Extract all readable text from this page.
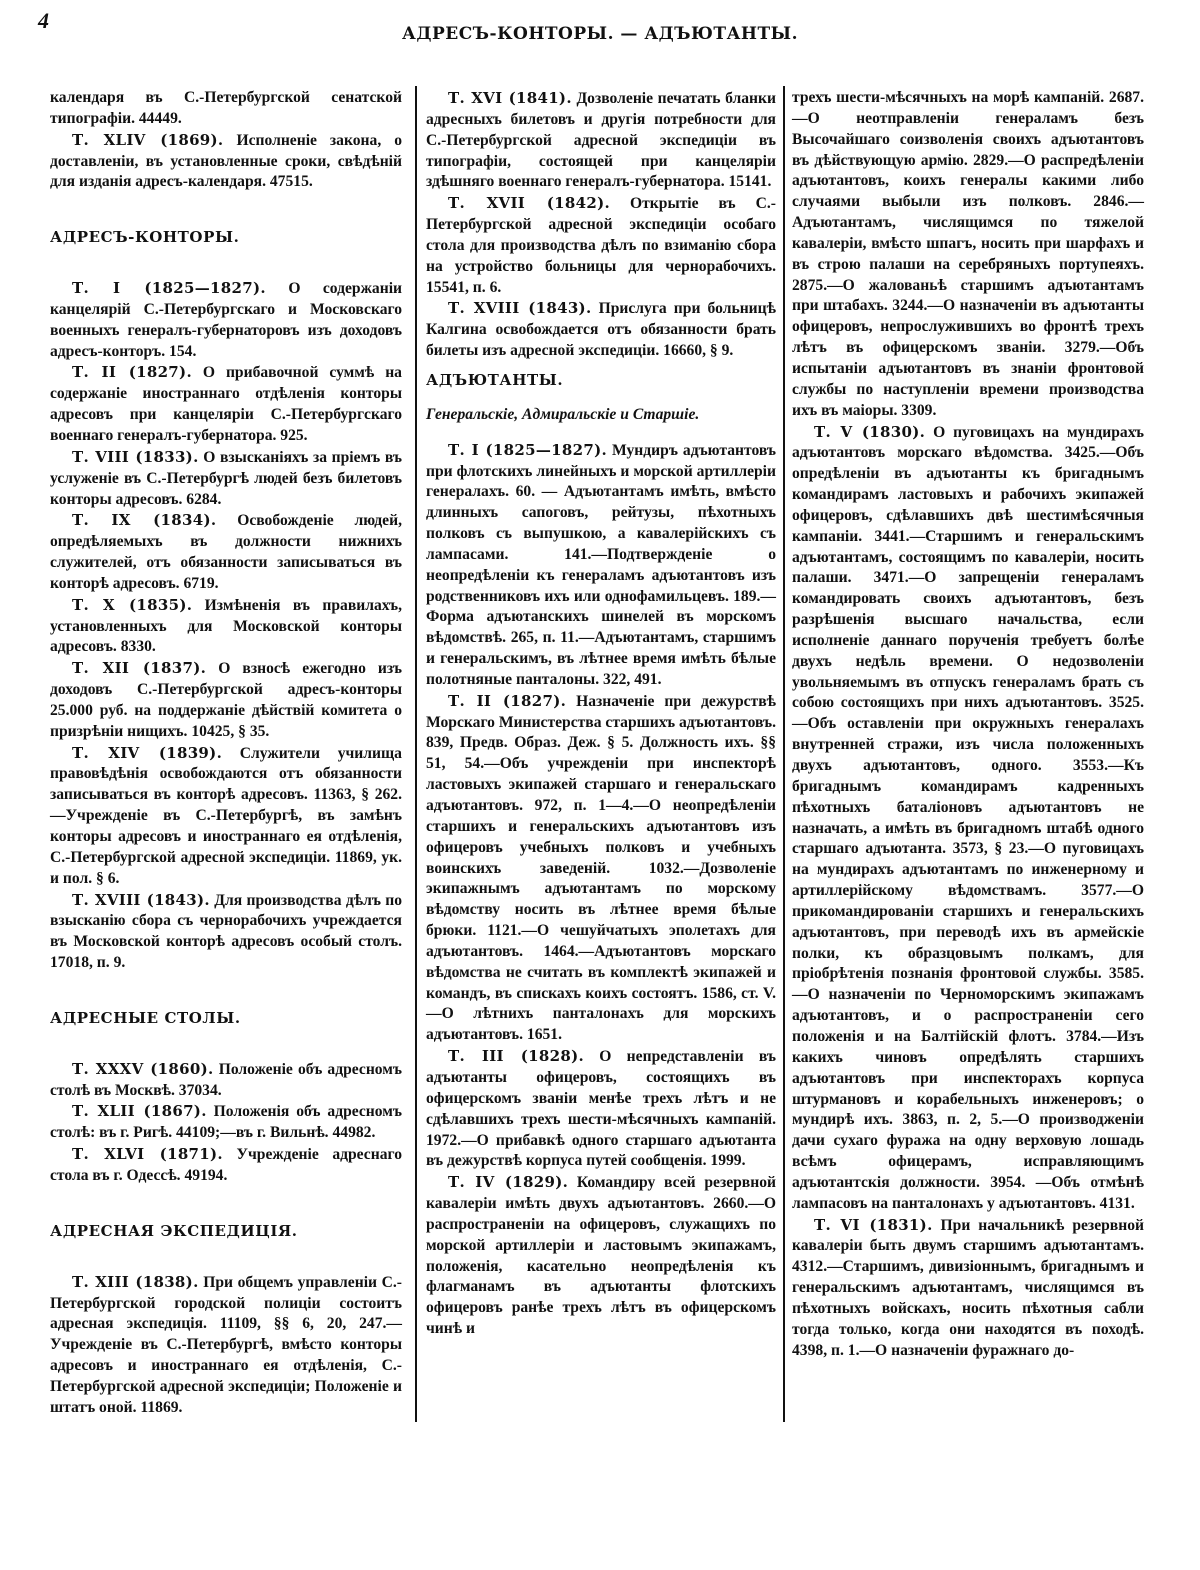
4
АДРЕСЪ-КОНТОРЫ. — АДЪЮТАНТЫ.
календаря въ С.-Петербургской сенатской типографіи. 44449.
Т. XLIV (1869). Исполненіе закона, о доставленіи, въ установленные сроки, свѣдѣній для изданія адресъ-календаря. 47515.
АДРЕСЪ-КОНТОРЫ.
Т. I (1825—1827). О содержаніи канцелярій С.-Петербургскаго и Московскаго военныхъ генералъ-губернаторовъ изъ доходовъ адресъ-конторъ. 154.
Т. II (1827). О прибавочной суммѣ на содержаніе иностраннаго отдѣленія конторы адресовъ при канцеляріи С.-Петербургскаго военнаго генералъ-губернатора. 925.
Т. VIII (1833). О взысканіяхъ за пріемъ въ услуженіе въ С.-Петербургѣ людей безъ билетовъ конторы адресовъ. 6284.
Т. IX (1834). Освобожденіе людей, опредѣляемыхъ въ должности нижнихъ служителей, отъ обязанности записываться въ конторѣ адресовъ. 6719.
Т. X (1835). Измѣненія въ правилахъ, установленныхъ для Московской конторы адресовъ. 8330.
Т. XII (1837). О взносѣ ежегодно изъ доходовъ С.-Петербургской адресъ-конторы 25.000 руб. на поддержаніе дѣйствій комитета о призрѣніи нищихъ. 10425, § 35.
Т. XIV (1839). Служители училища правовѣдѣнія освобождаются отъ обязанности записываться въ конторѣ адресовъ. 11363, § 262.—Учрежденіе въ С.-Петербургѣ, въ замѣнъ конторы адресовъ и иностраннаго ея отдѣленія, С.-Петербургской адресной экспедиціи. 11869, ук. и пол. § 6.
Т. XVIII (1843). Для производства дѣлъ по взысканію сбора съ чернорабочихъ учреждается въ Московской конторѣ адресовъ особый столъ. 17018, п. 9.
АДРЕСНЫЕ СТОЛЫ.
Т. XXXV (1860). Положеніе объ адресномъ столѣ въ Москвѣ. 37034.
Т. XLII (1867). Положенія объ адресномъ столѣ: въ г. Ригѣ. 44109;—въ г. Вильнѣ. 44982.
Т. XLVI (1871). Учрежденіе адреснаго стола въ г. Одессѣ. 49194.
АДРЕСНАЯ ЭКСПЕДИЦІЯ.
Т. XIII (1838). При общемъ управленіи С.-Петербургской городской полиціи состоитъ адресная экспедиція. 11109, §§ 6, 20, 247.—Учрежденіе въ С.-Петербургѣ, вмѣсто конторы адресовъ и иностраннаго ея отдѣленія, С.-Петербургской адресной экспедиціи; Положеніе и штатъ оной. 11869.
Т. XVI (1841). Дозволеніе печатать бланки адресныхъ билетовъ и другія потребности для С.-Петербургской адресной экспедиціи въ типографіи, состоящей при канцеляріи здѣшняго военнаго генералъ-губернатора. 15141.
Т. XVII (1842). Открытіе въ С.-Петербургской адресной экспедиціи особаго стола для производства дѣлъ по взиманію сбора на устройство больницы для чернорабочихъ. 15541, п. 6.
Т. XVIII (1843). Прислуга при больницѣ Калгина освобождается отъ обязанности брать билеты изъ адресной экспедиціи. 16660, § 9.
АДЪЮТАНТЫ.
Генеральскіе, Адмиральскіе и Старшіе.
Т. I (1825—1827). Мундиръ адъютантовъ при флотскихъ линейныхъ и морской артиллеріи генералахъ. 60. — Адъютантамъ имѣть, вмѣсто длинныхъ сапоговъ, рейтузы, пѣхотныхъ полковъ съ выпушкою, а кавалерійскихъ съ лампасами. 141.—Подтвержденіе о неопредѣленіи къ генераламъ адъютантовъ изъ родственниковъ ихъ или однофамильцевъ. 189.—Форма адъютанскихъ шинелей въ морскомъ вѣдомствѣ. 265, п. 11.—Адъютантамъ, старшимъ и генеральскимъ, въ лѣтнее время имѣть бѣлые полотняные панталоны. 322, 491.
Т. II (1827). Назначеніе при дежурствѣ Морскаго Министерства старшихъ адъютантовъ. 839, Предв. Образ. Деж. § 5. Должность ихъ. §§ 51, 54.—Объ учрежденіи при инспекторѣ ластовыхъ экипажей старшаго и генеральскаго адъютантовъ. 972, п. 1—4.—О неопредѣленіи старшихъ и генеральскихъ адъютантовъ изъ офицеровъ учебныхъ полковъ и учебныхъ воинскихъ заведеній. 1032.—Дозволеніе экипажнымъ адъютантамъ по морскому вѣдомству носить въ лѣтнее время бѣлые брюки. 1121.—О чешуйчатыхъ эполетахъ для адъютантовъ. 1464.—Адъютантовъ морскаго вѣдомства не считать въ комплектѣ экипажей и командъ, въ спискахъ коихъ состоятъ. 1586, ст. V.—О лѣтнихъ панталонахъ для морскихъ адъютантовъ. 1651.
Т. III (1828). О непредставленіи въ адъютанты офицеровъ, состоящихъ въ офицерскомъ званіи менѣе трехъ лѣтъ и не сдѣлавшихъ трехъ шести-мѣсячныхъ кампаній. 1972.—О прибавкѣ одного старшаго адъютанта въ дежурствѣ корпуса путей сообщенія. 1999.
Т. IV (1829). Командиру всей резервной кавалеріи имѣть двухъ адъютантовъ. 2660.—О распространеніи на офицеровъ, служащихъ по морской артиллеріи и ластовымъ экипажамъ, положенія, касательно неопредѣленія къ флагманамъ въ адъютанты флотскихъ офицеровъ ранѣе трехъ лѣтъ въ офицерскомъ чинѣ и
трехъ шести-мѣсячныхъ на морѣ кампаній. 2687.—О неотправленіи генераламъ безъ Высочайшаго соизволенія своихъ адъютантовъ въ дѣйствующую армію. 2829.—О распредѣленіи адъютантовъ, коихъ генералы какими либо случаями выбыли изъ полковъ. 2846.—Адъютантамъ, числящимся по тяжелой кавалеріи, вмѣсто шпагъ, носить при шарфахъ и въ строю палаши на серебряныхъ портупеяхъ. 2875.—О жалованьѣ старшимъ адъютантамъ при штабахъ. 3244.—О назначеніи въ адъютанты офицеровъ, непрослужившихъ во фронтѣ трехъ лѣтъ въ офицерскомъ званіи. 3279.—Объ испытаніи адъютантовъ въ знаніи фронтовой службы по наступленіи времени производства ихъ въ маіоры. 3309.
Т. V (1830). О пуговицахъ на мундирахъ адъютантовъ морскаго вѣдомства. 3425.—Объ опредѣленіи въ адъютанты къ бригаднымъ командирамъ ластовыхъ и рабочихъ экипажей офицеровъ, сдѣлавшихъ двѣ шестимѣсячныя кампаніи. 3441.—Старшимъ и генеральскимъ адъютантамъ, состоящимъ по кавалеріи, носить палаши. 3471.—О запрещеніи генераламъ командировать своихъ адъютантовъ, безъ разрѣшенія высшаго начальства, если исполненіе даннаго порученія требуетъ болѣе двухъ недѣль времени. О недозволеніи увольняемымъ въ отпускъ генераламъ брать съ собою состоящихъ при нихъ адъютантовъ. 3525.—Объ оставленіи при окружныхъ генералахъ внутренней стражи, изъ числа положенныхъ двухъ адъютантовъ, одного. 3553.—Къ бригаднымъ командирамъ кадренныхъ пѣхотныхъ баталіоновъ адъютантовъ не назначать, а имѣть въ бригадномъ штабѣ одного старшаго адъютанта. 3573, § 23.—О пуговицахъ на мундирахъ адъютантамъ по инженерному и артиллерійскому вѣдомствамъ. 3577.—О прикомандированіи старшихъ и генеральскихъ адъютантовъ, при переводѣ ихъ въ армейскіе полки, къ образцовымъ полкамъ, для пріобрѣтенія познанія фронтовой службы. 3585.—О назначеніи по Черноморскимъ экипажамъ адъютантовъ, и о распространеніи сего положенія и на Балтійскій флотъ. 3784.—Изъ какихъ чиновъ опредѣлять старшихъ адъютантовъ при инспекторахъ корпуса штурмановъ и корабельныхъ инженеровъ; о мундирѣ ихъ. 3863, п. 2, 5.—О производженіи дачи сухаго фуража на одну верховую лошадь всѣмъ офицерамъ, исправляющимъ адъютантскія должности. 3954. —Объ отмѣнѣ лампасовъ на панталонахъ у адъютантовъ. 4131.
Т. VI (1831). При начальникѣ резервной кавалеріи быть двумъ старшимъ адъютантамъ. 4312.—Старшимъ, дивизіоннымъ, бригаднымъ и генеральскимъ адъютантамъ, числящимся въ пѣхотныхъ войскахъ, носить пѣхотныя сабли тогда только, когда они находятся въ походѣ. 4398, п. 1.—О назначеніи фуражнаго до-
